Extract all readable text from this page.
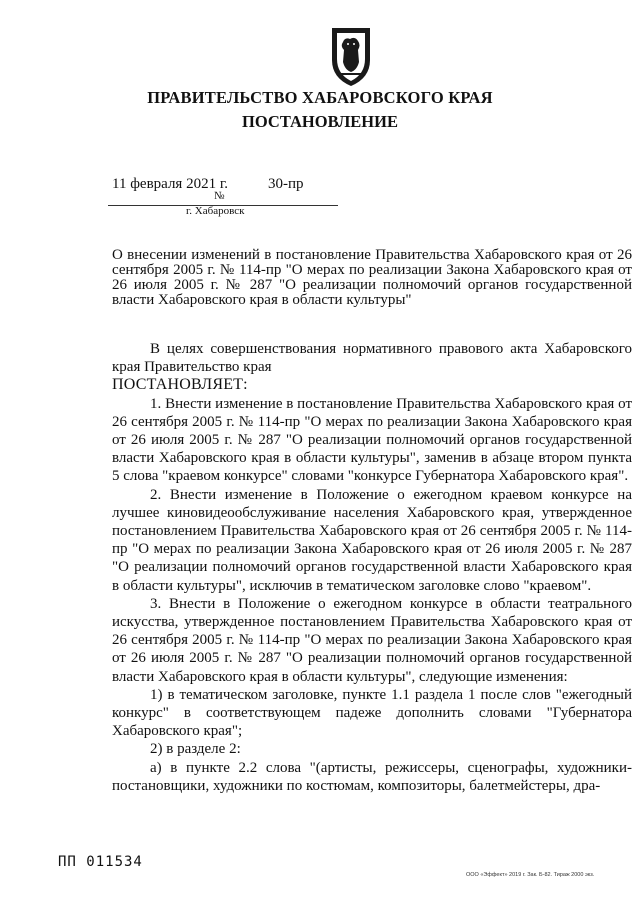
ПРАВИТЕЛЬСТВО ХАБАРОВСКОГО КРАЯ
ПОСТАНОВЛЕНИЕ
11 февраля 2021 г.
№
30-пр
г. Хабаровск
О внесении изменений в постановление Правительства Хабаровского края от 26 сентября 2005 г. № 114-пр "О мерах по реализации Закона Хабаровского края от 26 июля 2005 г. № 287 "О реализации полномочий органов государственной власти Хабаровского края в области культуры"

В целях совершенствования нормативного правового акта Хабаровского края Правительство края

ПОСТАНОВЛЯЕТ:

1. Внести изменение в постановление Правительства Хабаровского края от 26 сентября 2005 г. № 114-пр "О мерах по реализации Закона Хабаровского края от 26 июля 2005 г. № 287 "О реализации полномочий органов государственной власти Хабаровского края в области культуры", заменив в абзаце втором пункта 5 слова "краевом конкурсе" словами "конкурсе Губернатора Хабаровского края".

2. Внести изменение в Положение о ежегодном краевом конкурсе на лучшее киновидеообслуживание населения Хабаровского края, утвержденное постановлением Правительства Хабаровского края от 26 сентября 2005 г. № 114-пр "О мерах по реализации Закона Хабаровского края от 26 июля 2005 г. № 287 "О реализации полномочий органов государственной власти Хабаровского края в области культуры", исключив в тематическом заголовке слово "краевом".

3. Внести в Положение о ежегодном конкурсе в области театрального искусства, утвержденное постановлением Правительства Хабаровского края от 26 сентября 2005 г. № 114-пр "О мерах по реализации Закона Хабаровского края от 26 июля 2005 г. № 287 "О реализации полномочий органов государственной власти Хабаровского края в области культуры", следующие изменения:

1) в тематическом заголовке, пункте 1.1 раздела 1 после слов "ежегодный конкурс" в соответствующем падеже дополнить словами "Губернатора Хабаровского края";

2) в разделе 2:

а) в пункте 2.2 слова "(артисты, режиссеры, сценографы, художники-постановщики, художники по костюмам, композиторы, балетмейстеры, дра-

ПП 011534
ООО «Эффект» 2019 г. Зак. Б-82. Тираж 2000 экз.
